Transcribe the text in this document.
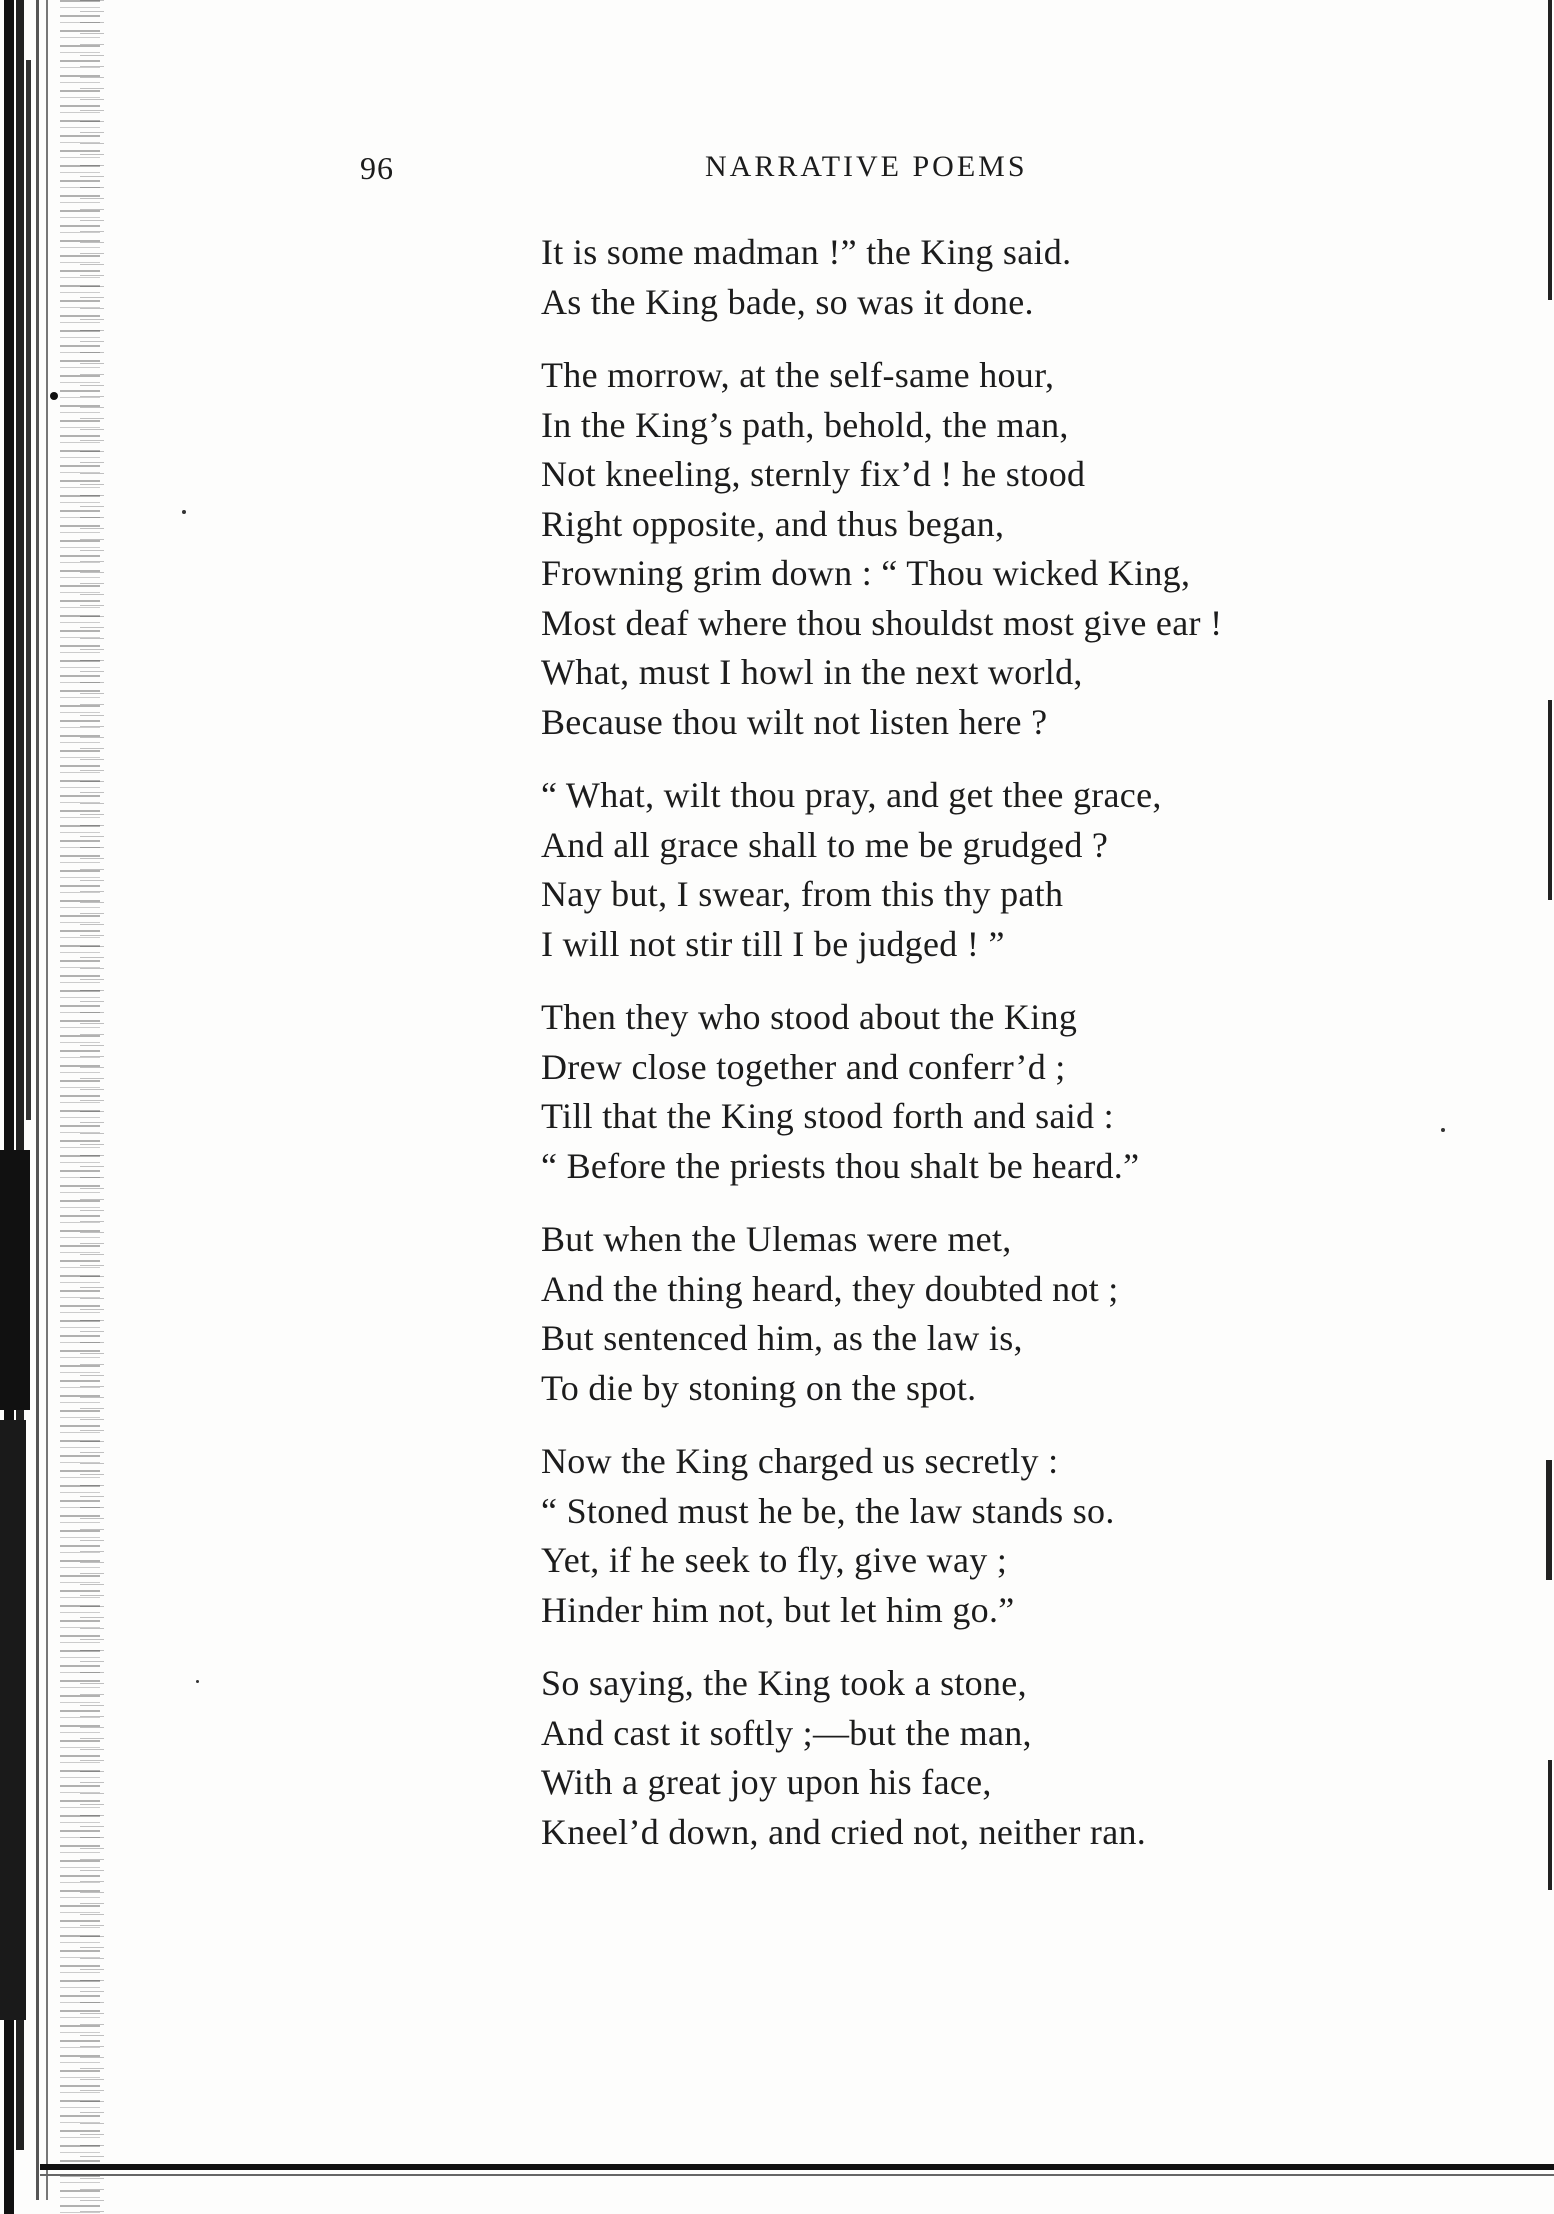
96	NARRATIVE POEMS
It is some madman !” the King said.
As the King bade, so was it done.
The morrow, at the self-same hour,
In the King’s path, behold, the man,
Not kneeling, sternly fix’d ! he stood
Right opposite, and thus began,
Frowning grim down : “ Thou wicked King,
Most deaf where thou shouldst most give ear !
What, must I howl in the next world,
Because thou wilt not listen here ?
“ What, wilt thou pray, and get thee grace,
And all grace shall to me be grudged ?
Nay but, I swear, from this thy path
I will not stir till I be judged ! ”
Then they who stood about the King
Drew close together and conferr’d ;
Till that the King stood forth and said :
“ Before the priests thou shalt be heard.”
But when the Ulemas were met,
And the thing heard, they doubted not ;
But sentenced him, as the law is,
To die by stoning on the spot.
Now the King charged us secretly :
“ Stoned must he be, the law stands so.
Yet, if he seek to fly, give way ;
Hinder him not, but let him go.”
So saying, the King took a stone,
And cast it softly ;—but the man,
With a great joy upon his face,
Kneel’d down, and cried not, neither ran.
